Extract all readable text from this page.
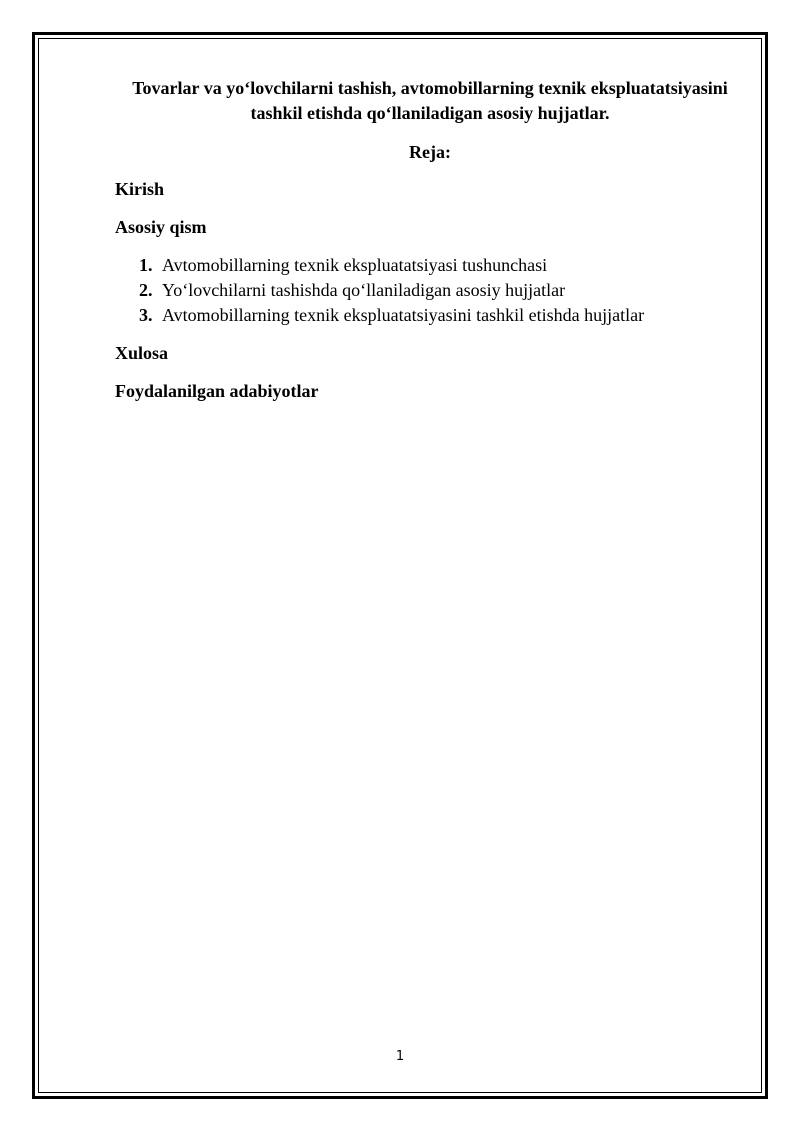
Tovarlar va yo‘lovchilarni tashish, avtomobillarning texnik ekspluatatsiyasini tashkil etishda qo‘llaniladigan asosiy hujjatlar.

Reja:

Kirish

Asosiy qism

1. Avtomobillarning texnik ekspluatatsiyasi tushunchasi
2. Yo‘lovchilarni tashishda qo‘llaniladigan asosiy hujjatlar
3. Avtomobillarning texnik ekspluatatsiyasini tashkil etishda hujjatlar

Xulosa

Foydalanilgan adabiyotlar

1
